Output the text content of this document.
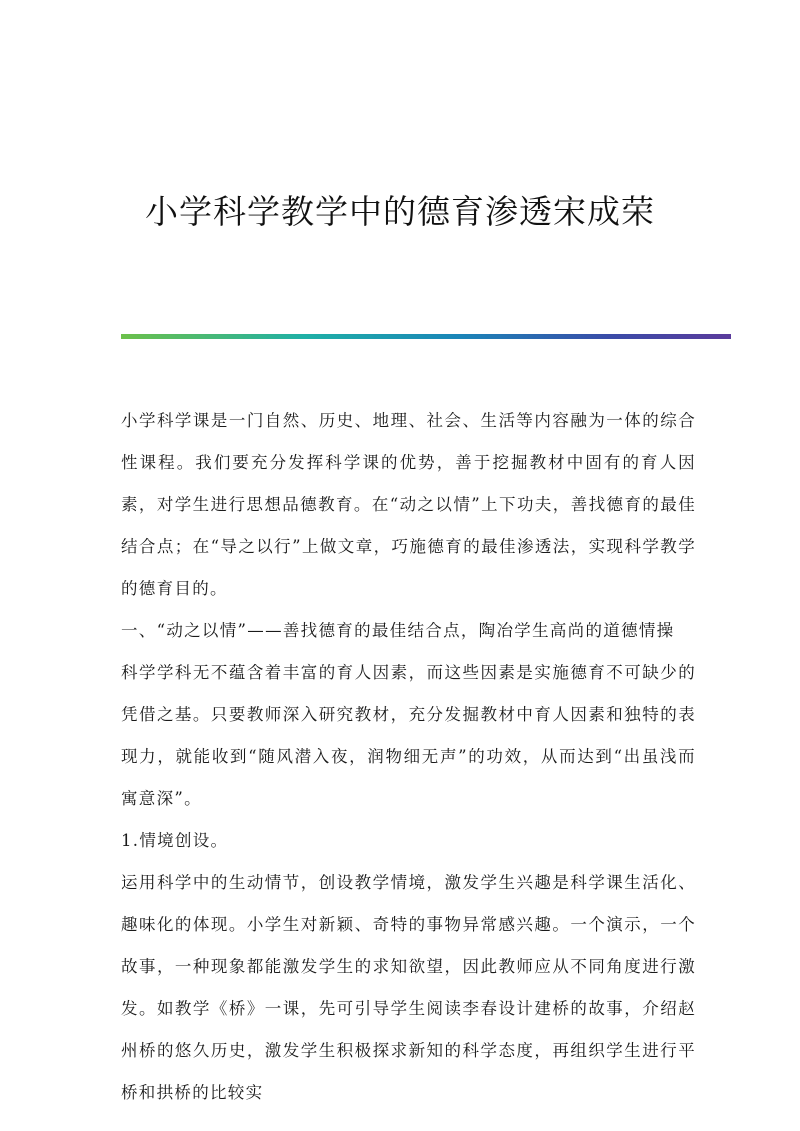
小学科学教学中的德育渗透宋成荣

小学科学课是一门自然、历史、地理、社会、生活等内容融为一体的综合性课程。我们要充分发挥科学课的优势，善于挖掘教材中固有的育人因素，对学生进行思想品德教育。在“动之以情”上下功夫，善找德育的最佳结合点；在“导之以行”上做文章，巧施德育的最佳渗透法，实现科学教学的德育目的。

一、“动之以情”——善找德育的最佳结合点，陶冶学生高尚的道德情操

科学学科无不蕴含着丰富的育人因素，而这些因素是实施德育不可缺少的凭借之基。只要教师深入研究教材，充分发掘教材中育人因素和独特的表现力，就能收到“随风潜入夜，润物细无声”的功效，从而达到“出虽浅而寓意深”。

1.情境创设。

运用科学中的生动情节，创设教学情境，激发学生兴趣是科学课生活化、趣味化的体现。小学生对新颖、奇特的事物异常感兴趣。一个演示，一个故事，一种现象都能激发学生的求知欲望，因此教师应从不同角度进行激发。如教学《桥》一课，先可引导学生阅读李春设计建桥的故事，介绍赵州桥的悠久历史，激发学生积极探求新知的科学态度，再组织学生进行平桥和拱桥的比较实
